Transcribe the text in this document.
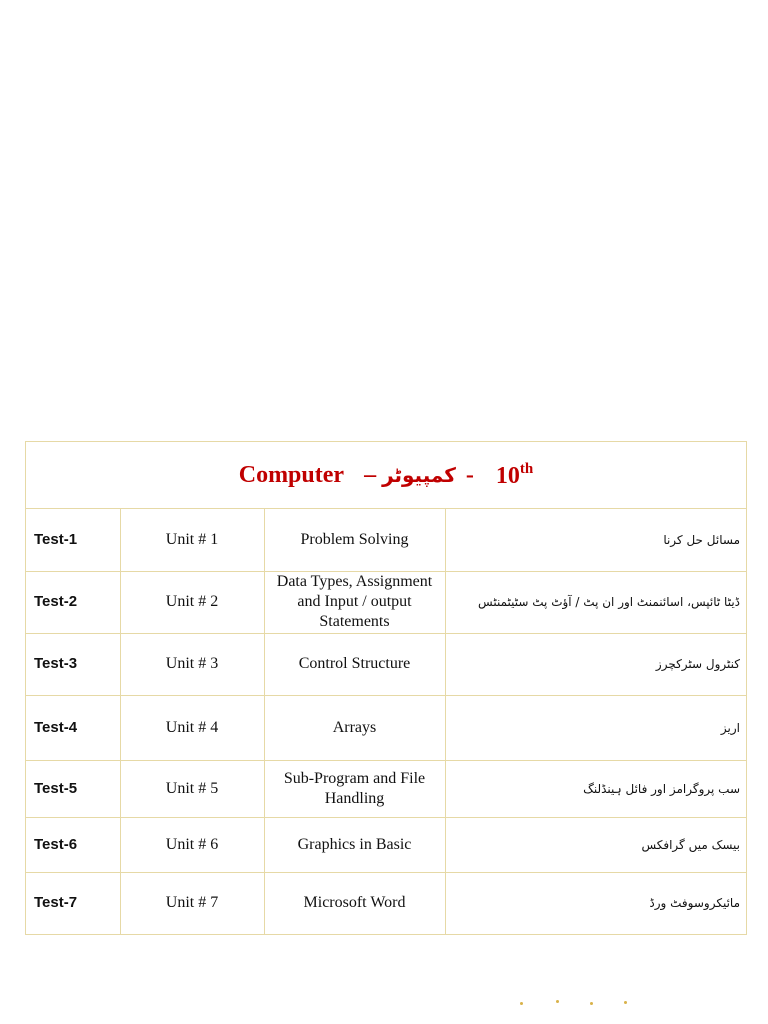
Computer – کمپیوٹر - 10th
Test-1	Unit # 1	Problem Solving	مسائل حل کرنا
Test-2	Unit # 2	Data Types, Assignment and Input / output Statements	ڈیٹا ٹائپس، اسائنمنٹ اور ان پٹ / آؤٹ پٹ سٹیٹمنٹس
Test-3	Unit # 3	Control Structure	کنٹرول سٹرکچرز
Test-4	Unit # 4	Arrays	اریز
Test-5	Unit # 5	Sub-Program and File Handling	سب پروگرامز اور فائل ہینڈلنگ
Test-6	Unit # 6	Graphics in Basic	بیسک میں گرافکس
Test-7	Unit # 7	Microsoft Word	مائیکروسوفٹ ورڈ
